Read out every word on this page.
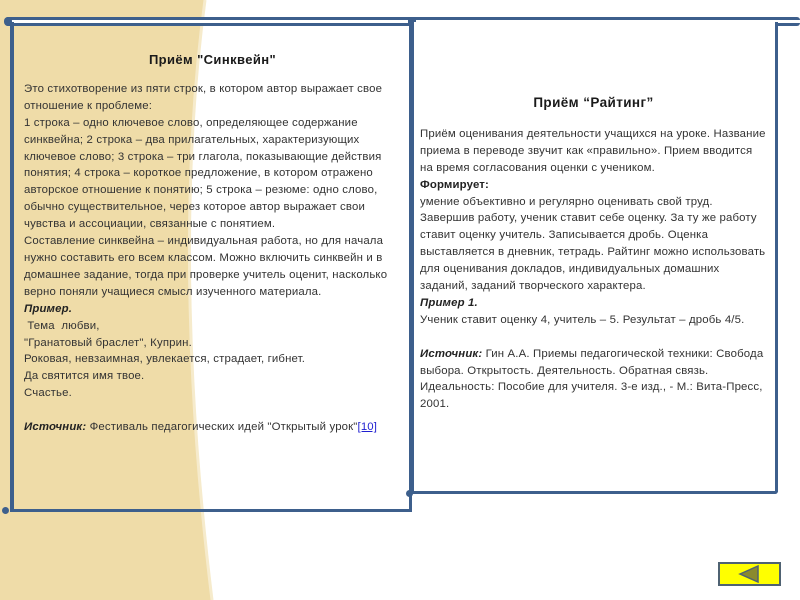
Приём "Синквейн"

Это стихотворение из пяти строк, в котором автор выражает свое отношение к проблеме:

1 строка – одно ключевое слово, определяющее содержание синквейна; 2 строка – два прилагательных, характеризующих ключевое слово; 3 строка – три глагола, показывающие действия понятия; 4 строка – короткое предложение, в котором отражено авторское отношение к понятию; 5 строка – резюме: одно слово, обычно существительное, через которое автор выражает свои чувства и ассоциации, связанные с понятием.

Составление синквейна – индивидуальная работа, но для начала нужно составить его всем классом. Можно включить синквейн и в домашнее задание, тогда при проверке учитель оценит, насколько верно поняли учащиеся смысл изученного материала.

Пример.

Тема  любви,

"Гранатовый браслет", Куприн.

Роковая, невзаимная, увлекается, страдает, гибнет.

Да святится имя твое.

Счастье.

Источник: Фестиваль педагогических идей "Открытый урок"[10]

Приём “Райтинг”

Приём оценивания деятельности учащихся на уроке. Название приема в переводе звучит как «правильно». Прием вводится на время согласования оценки с учеником.

Формирует:

умение объективно и регулярно оценивать свой труд. Завершив работу, ученик ставит себе оценку. За ту же работу ставит оценку учитель. Записывается дробь. Оценка выставляется в дневник, тетрадь. Райтинг можно использовать для оценивания докладов, индивидуальных домашних заданий, заданий творческого характера.

Пример 1.

Ученик ставит оценку 4, учитель – 5. Результат – дробь 4/5.

Источник: Гин А.А. Приемы педагогической техники: Свобода выбора. Открытость. Деятельность. Обратная связь. Идеальность: Пособие для учителя. 3-е изд., - М.: Вита-Пресс, 2001.
